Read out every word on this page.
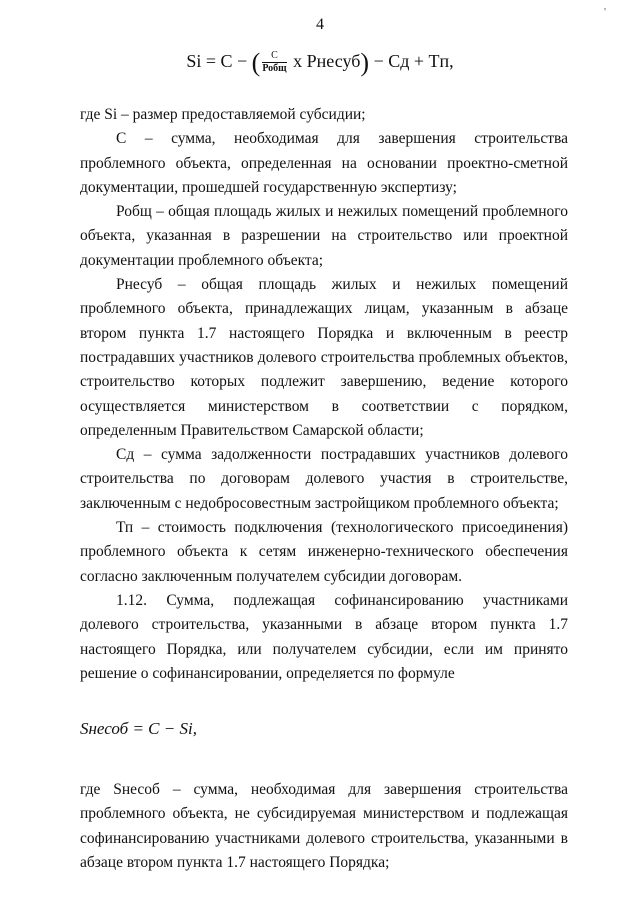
'
4
Si = C − ( $\frac{C}{\text{Робщ}}$ x Рнесуб) − Cд + Tп,

где Si – размер предоставляемой субсидии;

С – сумма, необходимая для завершения строительства проблемного объекта, определенная на основании проектно-сметной документации, прошедшей государственную экспертизу;

Робщ – общая площадь жилых и нежилых помещений проблемного объекта, указанная в разрешении на строительство или проектной документации проблемного объекта;

Рнесуб – общая площадь жилых и нежилых помещений проблемного объекта, принадлежащих лицам, указанным в абзаце втором пункта 1.7 настоящего Порядка и включенным в реестр пострадавших участников долевого строительства проблемных объектов, строительство которых подлежит завершению, ведение которого осуществляется министерством в соответствии с порядком, определенным Правительством Самарской области;

Сд – сумма задолженности пострадавших участников долевого строительства по договорам долевого участия в строительстве, заключенным с недобросовестным застройщиком проблемного объекта;

Тп – стоимость подключения (технологического присоединения) проблемного объекта к сетям инженерно-технического обеспечения согласно заключенным получателем субсидии договорам.

1.12. Сумма, подлежащая софинансированию участниками долевого строительства, указанными в абзаце втором пункта 1.7 настоящего Порядка, или получателем субсидии, если им принято решение о софинансировании, определяется по формуле

Sнесоб = C − Si,

где Sнесоб – сумма, необходимая для завершения строительства проблемного объекта, не субсидируемая министерством и подлежащая софинансированию участниками долевого строительства, указанными в абзаце втором пункта 1.7 настоящего Порядка;
